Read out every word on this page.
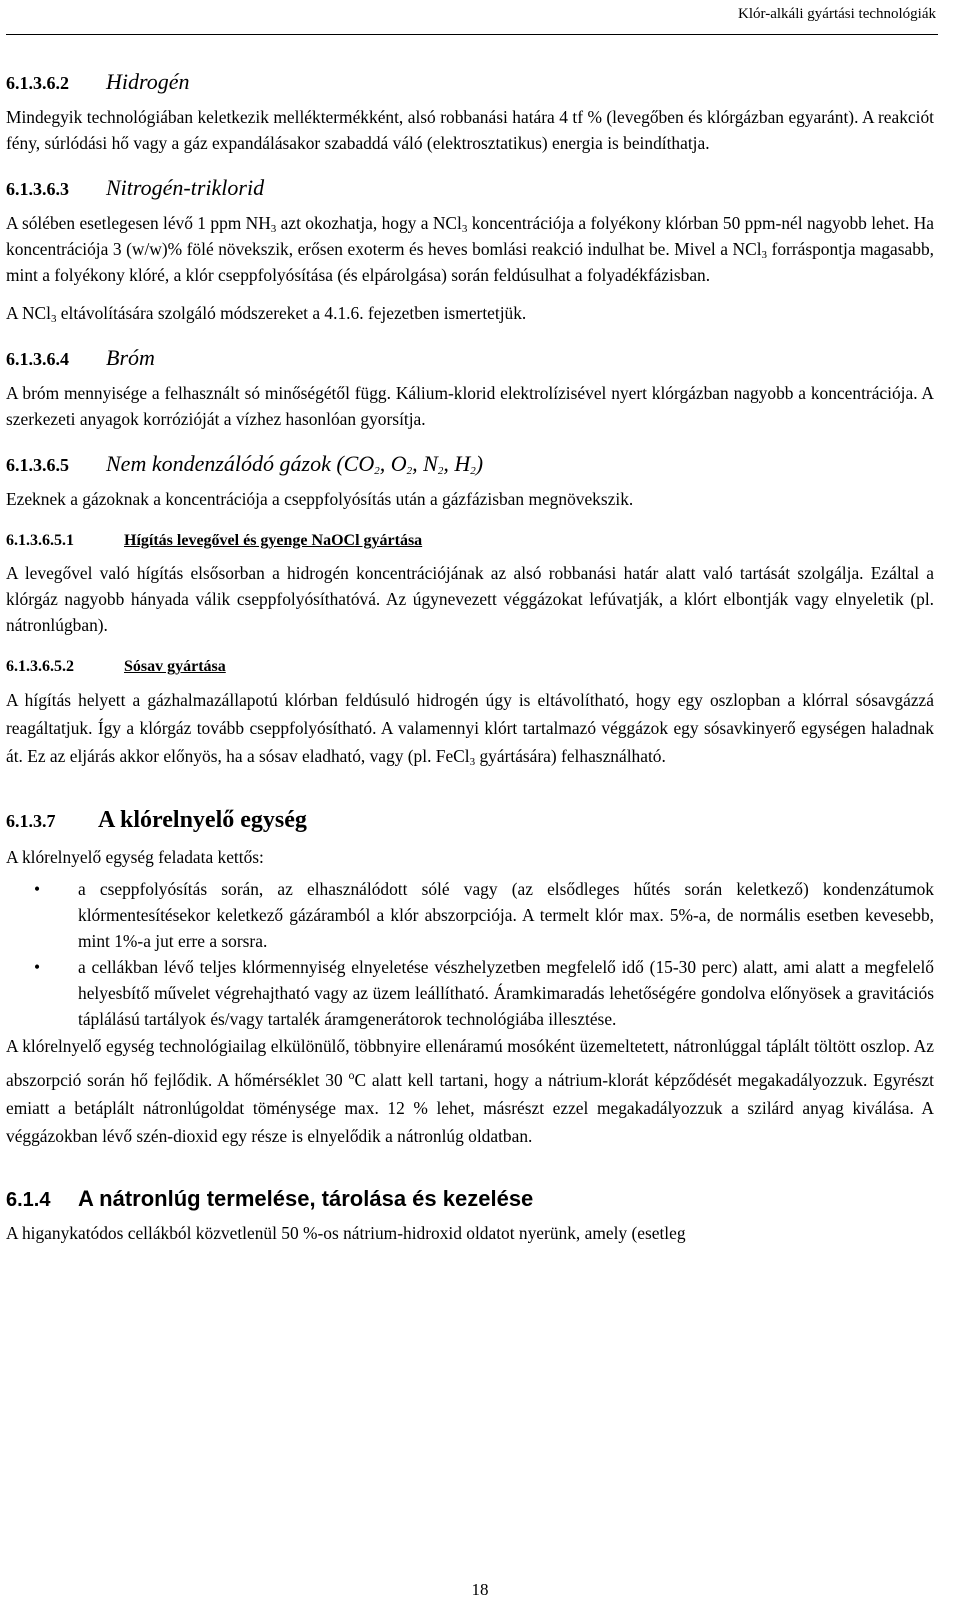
Klór-alkáli gyártási technológiák
6.1.3.6.2 Hidrogén

Mindegyik technológiában keletkezik melléktermékként, alsó robbanási határa 4 tf % (levegőben és klórgázban egyaránt). A reakciót fény, súrlódási hő vagy a gáz expandálásakor szabaddá váló (elektrosztatikus) energia is beindíthatja.

6.1.3.6.3 Nitrogén-triklorid

A sólében esetlegesen lévő 1 ppm $NH_3$ azt okozhatja, hogy a NCl$_3$ koncentrációja a folyékony klórban 50 ppm-nél nagyobb lehet. Ha koncentrációja 3 (w/w)% fölé növekszik, erősen exoterm és heves bomlási reakció indulhat be. Mivel a NCl$_3$ forráspontja magasabb, mint a folyékony klóré, a klór cseppfolyósítása (és elpárolgása) során feldúsulhat a folyadékfázisban.

A NCl$_3$ eltávolítására szolgáló módszereket a 4.1.6. fejezetben ismertetjük.

6.1.3.6.4 Bróm

A bróm mennyisége a felhasznált só minőségétől függ. Kálium-klorid elektrolízisével nyert klórgázban nagyobb a koncentrációja. A szerkezeti anyagok korrózióját a vízhez hasonlóan gyorsítja.

6.1.3.6.5 Nem kondenzálódó gázok ($CO_2$, $O_2$, $N_2$, $H_2$)

Ezeknek a gázoknak a koncentrációja a cseppfolyósítás után a gázfázisban megnövekszik.

6.1.3.6.5.1	Hígítás levegővel és gyenge NaOCl gyártása

A levegővel való hígítás elsősorban a hidrogén koncentrációjának az alsó robbanási határ alatt való tartását szolgálja. Ezáltal a klórgáz nagyobb hányada válik cseppfolyósíthatóvá. Az úgynevezett véggázokat lefúvatják, a klórt elbontják vagy elnyeletik (pl. nátronlúgban).

6.1.3.6.5.2	Sósav gyártása

A hígítás helyett a gázhalmazállapotú klórban feldúsuló hidrogén úgy is eltávolítható, hogy egy oszlopban a klórral sósavgázzá reagáltatjuk. Így a klórgáz tovább cseppfolyósítható. A valamennyi klórt tartalmazó véggázok egy sósavkinyerő egységen haladnak át. Ez az eljárás akkor előnyös, ha a sósav eladható, vagy (pl. FeCl$_3$ gyártására) felhasználható.

6.1.3.7 A klórelnyelő egység

A klórelnyelő egység feladata kettős:

• a cseppfolyósítás során, az elhasználódott sólé vagy (az elsődleges hűtés során keletkező) kondenzátumok klórmentesítésekor keletkező gázáramból a klór abszorpciója. A termelt klór max. 5%-a, de normális esetben kevesebb, mint 1%-a jut erre a sorsra.
• a cellákban lévő teljes klórmennyiség elnyeletése vészhelyzetben megfelelő idő (15-30 perc) alatt, ami alatt a megfelelő helyesbítő művelet végrehajtható vagy az üzem leállítható. Áramkimaradás lehetőségére gondolva előnyösek a gravitációs táplálású tartályok és/vagy tartalék áramgenerátorok technológiába illesztése.

A klórelnyelő egység technológiailag elkülönülő, többnyire ellenáramú mosóként üzemeltetett, nátronlúggal táplált töltött oszlop. Az abszorpció során hő fejlődik. A hőmérséklet 30 $^o$C alatt kell tartani, hogy a nátrium-klorát képződését megakadályozzuk. Egyrészt emiatt a betáplált nátronlúgoldat töménysége max. 12 % lehet, másrészt ezzel megakadályozzuk a szilárd anyag kiválása. A véggázokban lévő szén-dioxid egy része is elnyelődik a nátronlúg oldatban.

6.1.4 A nátronlúg termelése, tárolása és kezelése

A higanykatódos cellákból közvetlenül 50 %-os nátrium-hidroxid oldatot nyerünk, amely (esetleg

18
